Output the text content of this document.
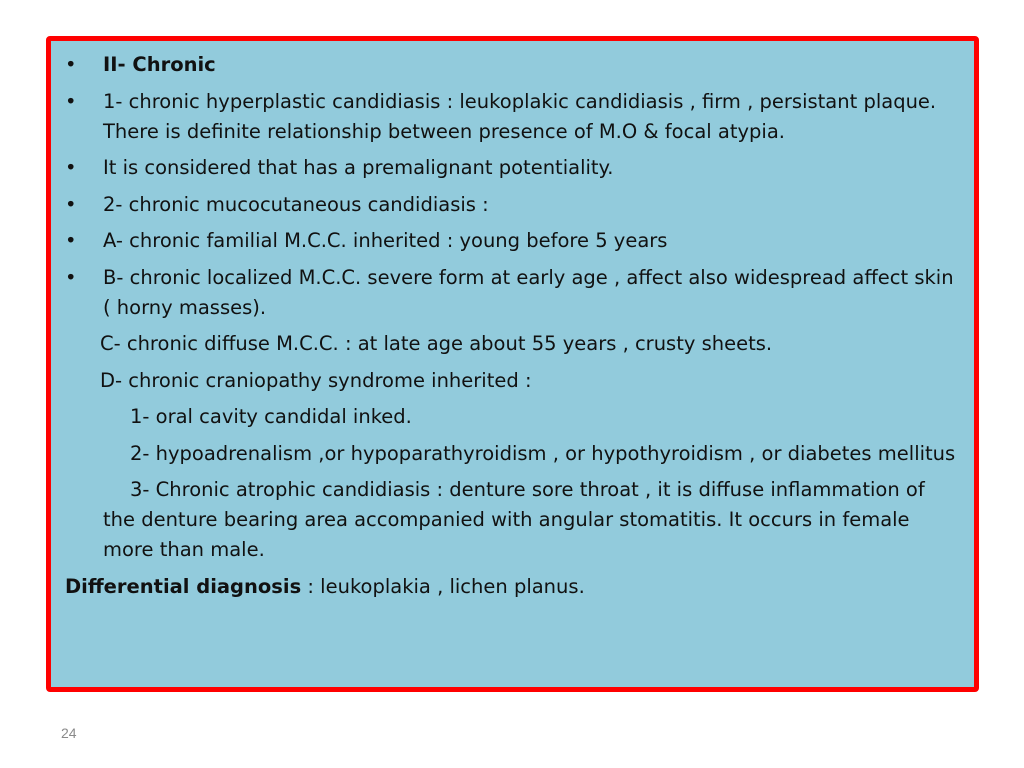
• II- Chronic
• 1- chronic hyperplastic candidiasis : leukoplakic candidiasis , firm , persistant plaque. There is definite relationship between presence of M.O & focal atypia.
• It is considered that has a premalignant potentiality.
• 2- chronic mucocutaneous candidiasis :
• A- chronic familial M.C.C. inherited : young before 5 years
• B- chronic localized M.C.C. severe form at early age , affect also widespread affect skin ( horny masses).
C- chronic diffuse M.C.C. : at late age about 55 years , crusty sheets.
D- chronic craniopathy syndrome inherited :
1- oral cavity candidal inked.
2- hypoadrenalism ,or hypoparathyroidism , or hypothyroidism , or diabetes mellitus
3- Chronic atrophic candidiasis : denture sore throat , it is diffuse inflammation of the denture bearing area accompanied with angular stomatitis. It occurs in female more than male.
Differential diagnosis : leukoplakia , lichen planus.
24
